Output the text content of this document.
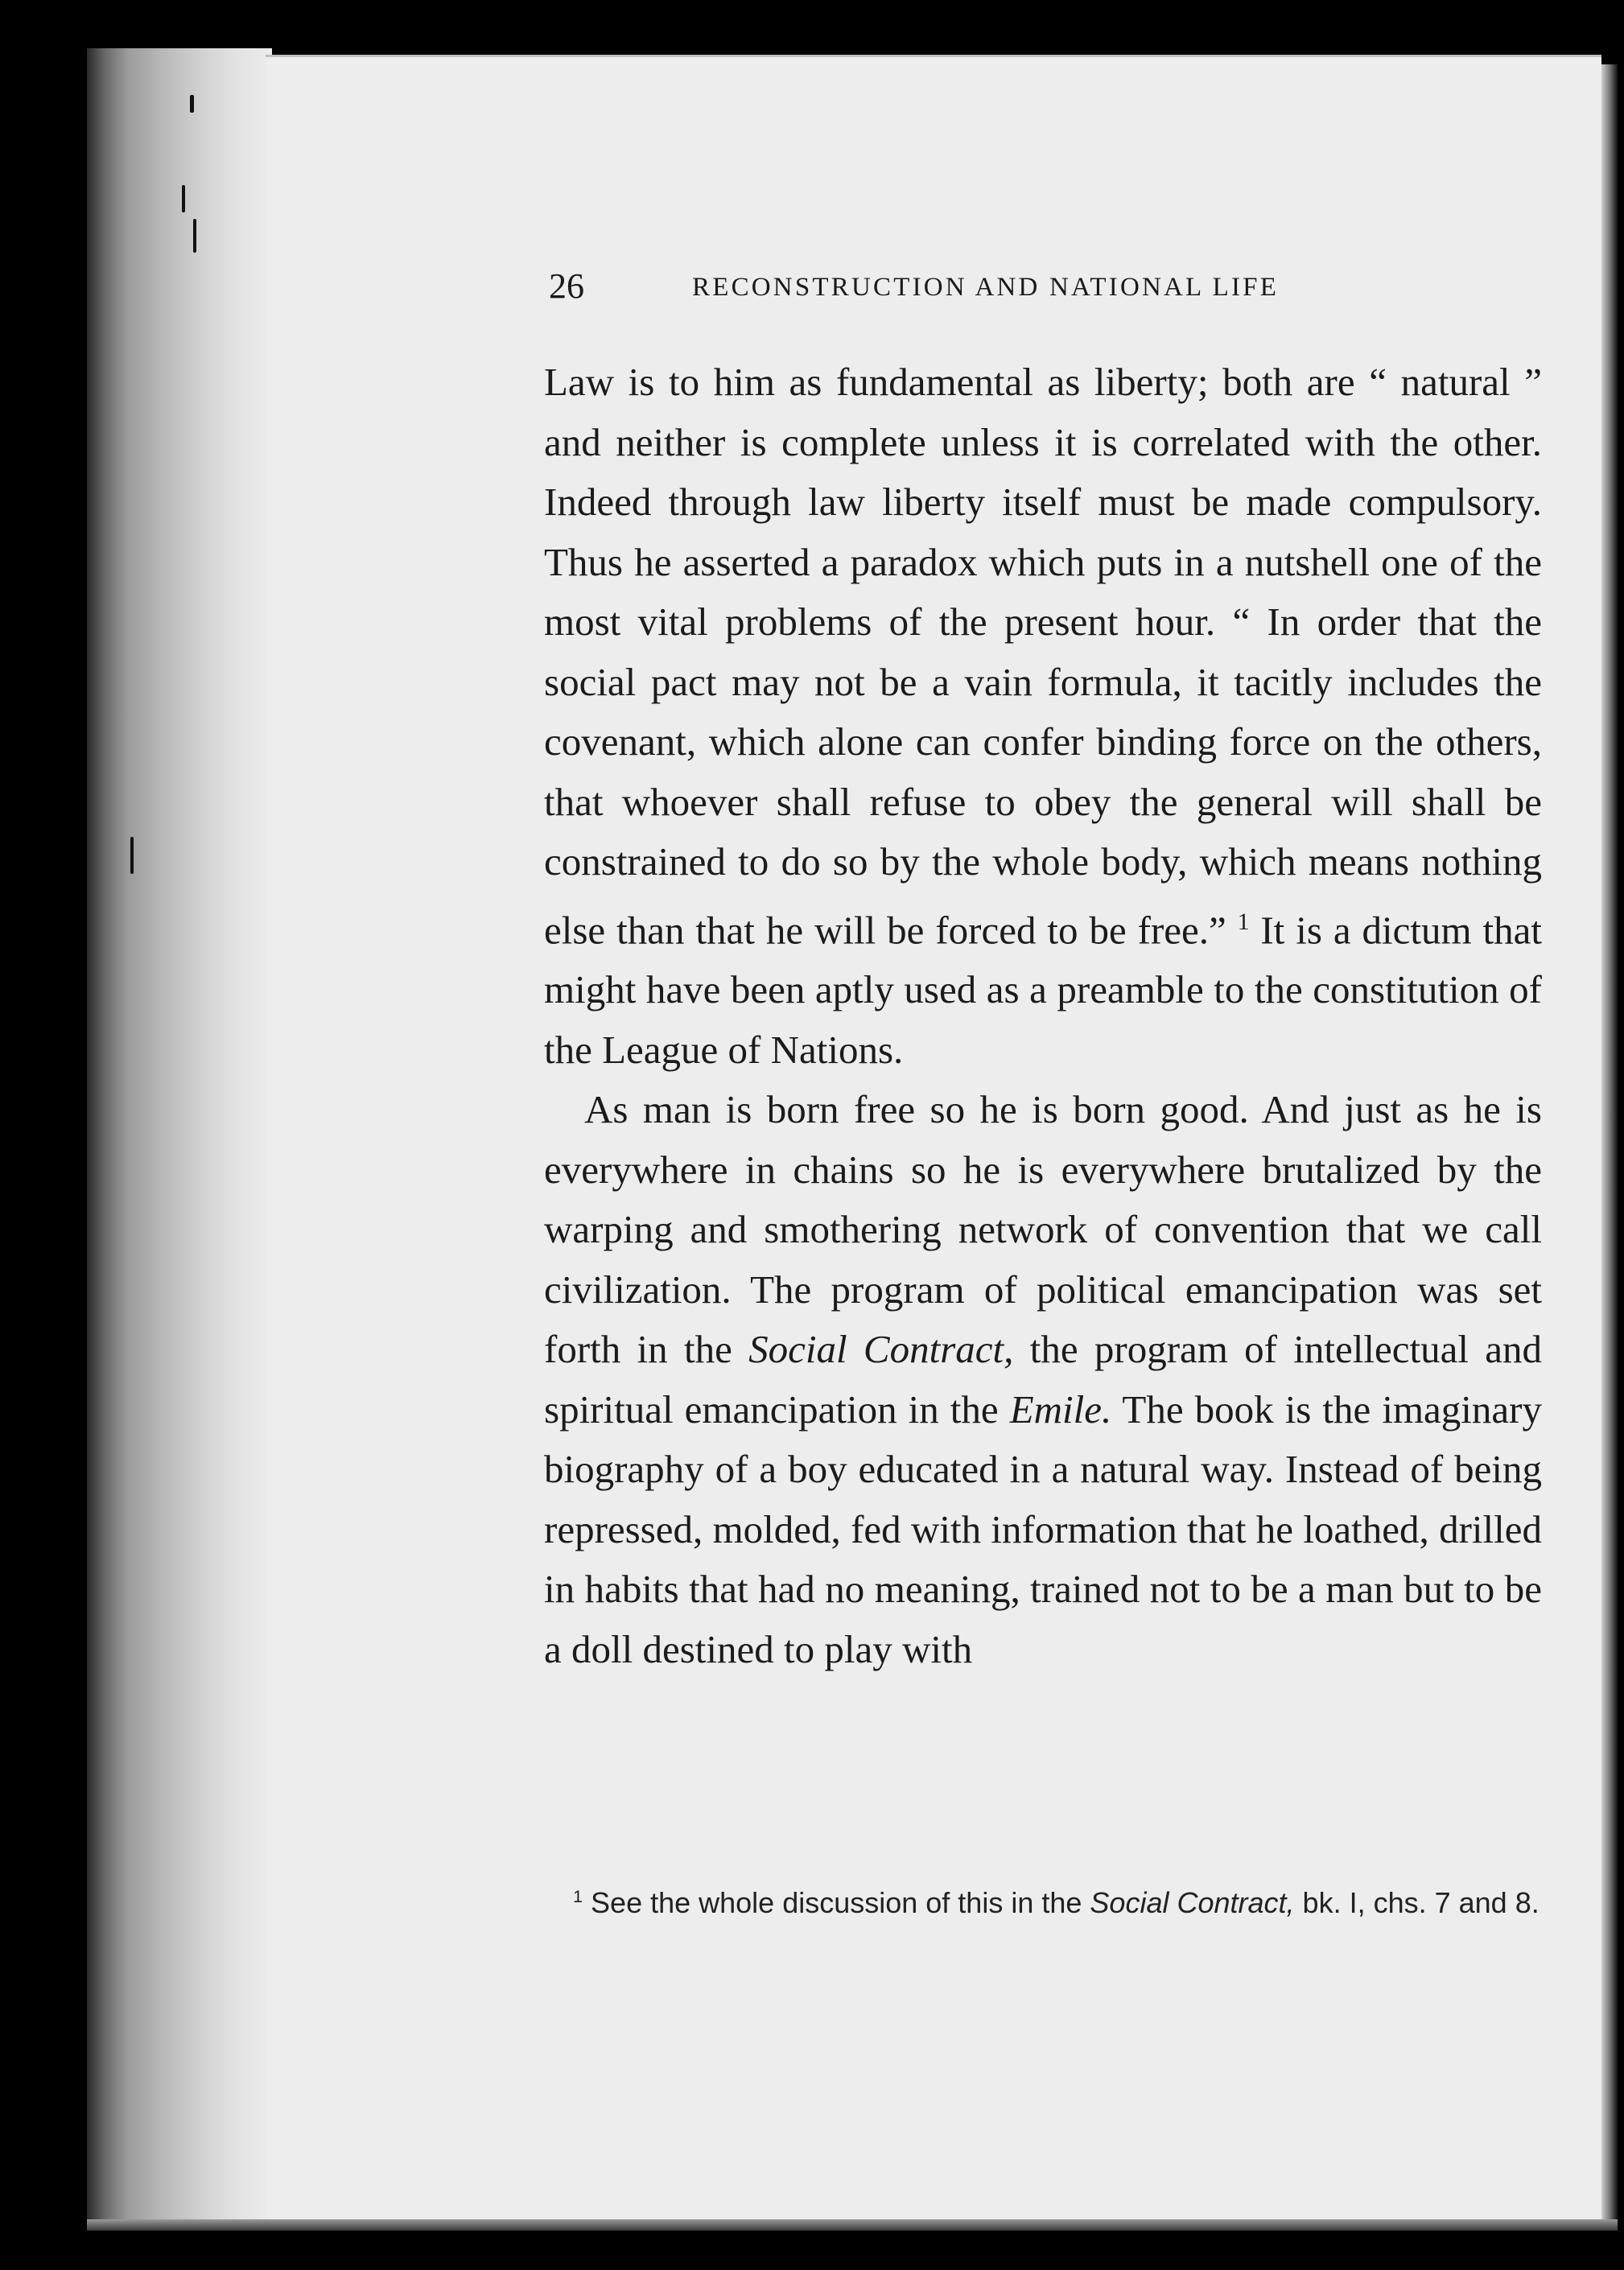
26	RECONSTRUCTION AND NATIONAL LIFE

Law is to him as fundamental as liberty; both are “ natural ” and neither is complete unless it is correlated with the other. Indeed through law liberty itself must be made compulsory. Thus he asserted a paradox which puts in a nutshell one of the most vital problems of the present hour. “ In order that the social pact may not be a vain formula, it tacitly includes the covenant, which alone can confer binding force on the others, that whoever shall refuse to obey the general will shall be constrained to do so by the whole body, which means nothing else than that he will be forced to be free.” $^1$ It is a dictum that might have been aptly used as a preamble to the constitution of the League of Nations.

As man is born free so he is born good. And just as he is everywhere in chains so he is everywhere brutalized by the warping and smothering network of convention that we call civilization. The program of political emancipation was set forth in the Social Contract, the program of intellectual and spiritual emancipation in the Emile. The book is the imaginary biography of a boy educated in a natural way. Instead of being repressed, molded, fed with information that he loathed, drilled in habits that had no meaning, trained not to be a man but to be a doll destined to play with

$^1$ See the whole discussion of this in the Social Contract, bk. I, chs. 7 and 8.
